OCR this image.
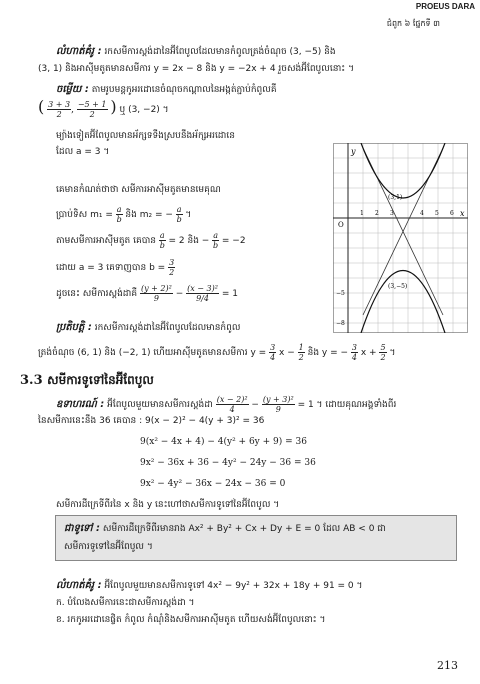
PROEUS DARA
ជំពូក ៦ ផ្នែកទី ៣
លំហាត់គំរូ : រកសមីការស្តង់ដានៃអ៊ីពែបូលដែលមានកំពូលត្រង់ចំណុច (3, −5) និង
(3, 1) និងអាស៊ីមតូតមានសមីការ y = 2x − 8 និង y = −2x + 4 រួចសង់អ៊ីពែបូលនោះ ។
ចម្លើយ : តាមរូបមន្តកូអរដោនេចំណុចកណ្តាលនៃអង្កត់ភ្ជាប់កំពូលគឺ
( $\frac{3 + 3}{2}$ , $\frac{-5 + 1}{2}$ ) ឬ (3, −2) ។
ម្យ៉ាងទៀតអ៊ីពែបូលមានអ័ក្សទទឹងស្របនឹងអ័ក្សអរដោនេ
ដែល a = 3 ។
គេមានកំណត់ថាថា សមីការអាស៊ីមតូតមានមេគុណ
ប្រាប់ទិស $m_1 = \frac{a}{b}$ និង m₂ = − $\frac{a}{b}$ ។
តាមសមីការអាស៊ីមតូត គេបាន $\frac{a}{b} = 2$ និង − $\frac{a}{b} = -2$
ដោយ a = 3 គេទាញបាន $b = \frac{3}{2}$
ដូចនេះ សមីការស្តង់ដាគឺ $\frac{\text{(y + 2)²}}{9} - \frac{\text{(x − 3)²}}{9/4} = 1$
y
x
O
1 2 3	4 5 6
−5
−8
(3,1)
(3,−5)
ប្រតិបត្តិ : រកសមីការស្តង់ដានៃអ៊ីពែបូលដែលមានកំពូល
ត្រង់ចំណុច (6, 1) និង (−2, 1) ហើយអាស៊ីមតូតមានសមីការ $y = \frac{3}{4}$ $x - \frac{1}{2}$ និង y = − $\frac{3}{4}$ $x + \frac{5}{2}$ ។
3.3 សមីការទូទៅនៃអ៊ីពែបូល
ឧទាហរណ៍ : អ៊ីពែបូលមួយមានសមីការស្តង់ដា $\frac{\text{(x − 2)²}}{4} - \frac{\text{(y + 3)²}}{9} = 1$ ។ ដោយគុណអង្គទាំងពីរ
នៃសមីការនេះនឹង 36 គេបាន : 9(x − 2)² − 4(y + 3)² = 36
9(x² − 4x + 4) − 4(y² + 6y + 9) = 36
9x² − 36x + 36 − 4y² − 24y − 36 = 36
9x² − 4y² − 36x − 24x − 36 = 0
សមីការដឺក្រេទីពីរនៃ x និង y នេះហៅថាសមីការទូទៅនៃអ៊ីពែបូល ។
ជាទូទៅ : សមីការដឺក្រេទីពីរមានរាង Ax² + By² + Cx + Dy + E = 0 ដែល AB < 0 ជា
សមីការទូទៅនៃអ៊ីពែបូល ។
លំហាត់គំរូ : អ៊ីពែបូលមួយមានសមីការទូទៅ 4x² − 9y² + 32x + 18y + 91 = 0 ។
ក. បំលែងសមីការនេះជាសមីការស្តង់ដា ។
ខ. រកកូអរដោនេផ្ចិត កំពូល កំណុំនិងសមីការអាស៊ីមតូត ហើយសង់អ៊ីពែបូលនោះ ។
213
